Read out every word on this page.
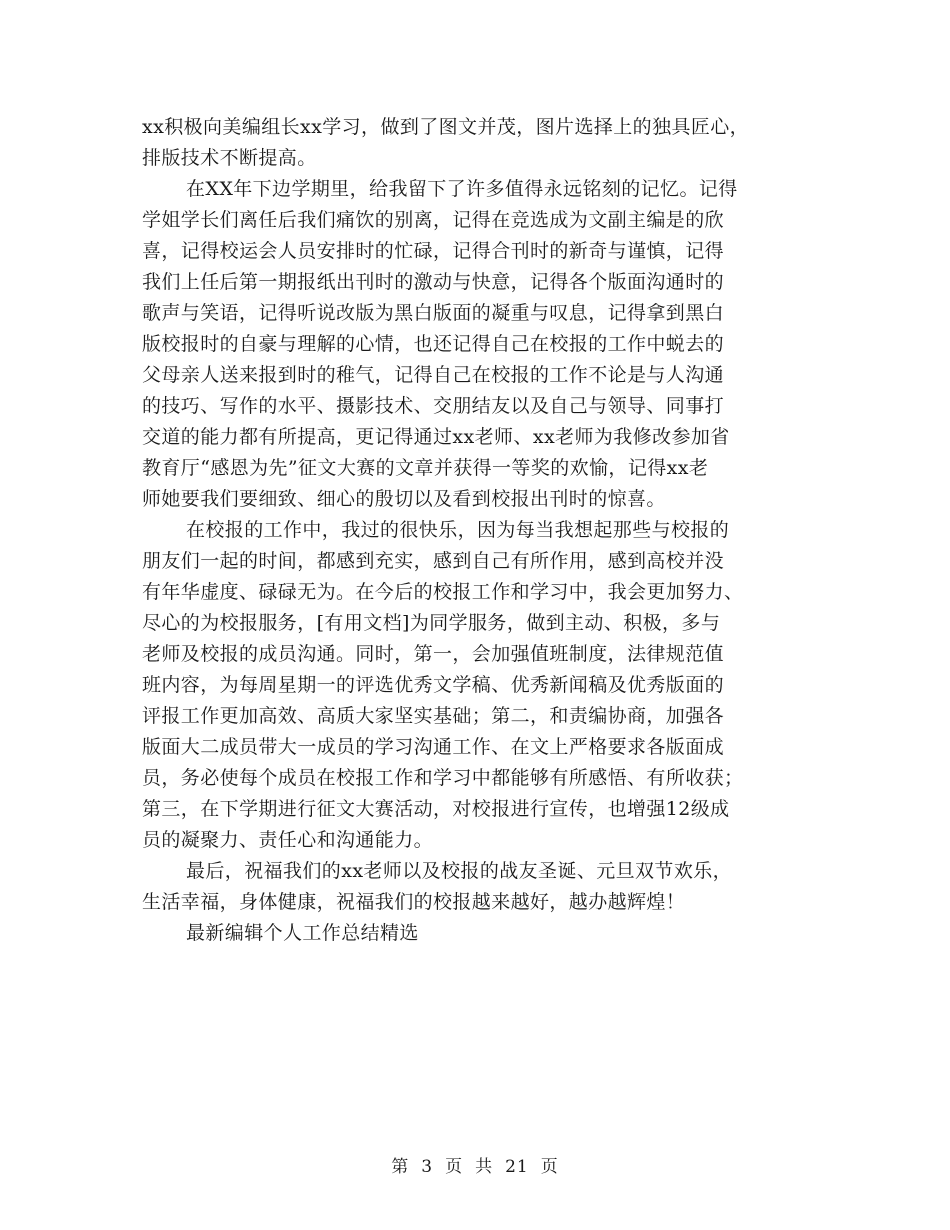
xx积极向美编组长xx学习，做到了图文并茂，图片选择上的独具匠心，

排版技术不断提高。

在XX年下边学期里，给我留下了许多值得永远铭刻的记忆。记得

学姐学长们离任后我们痛饮的别离，记得在竞选成为文副主编是的欣

喜，记得校运会人员安排时的忙碌，记得合刊时的新奇与谨慎，记得

我们上任后第一期报纸出刊时的激动与快意，记得各个版面沟通时的

歌声与笑语，记得听说改版为黑白版面的凝重与叹息，记得拿到黑白

版校报时的自豪与理解的心情，也还记得自己在校报的工作中蜕去的

父母亲人送来报到时的稚气，记得自己在校报的工作不论是与人沟通

的技巧、写作的水平、摄影技术、交朋结友以及自己与领导、同事打

交道的能力都有所提高，更记得通过xx老师、xx老师为我修改参加省

教育厅“感恩为先”征文大赛的文章并获得一等奖的欢愉，记得xx老

师她要我们要细致、细心的殷切以及看到校报出刊时的惊喜。

在校报的工作中，我过的很快乐，因为每当我想起那些与校报的

朋友们一起的时间，都感到充实，感到自己有所作用，感到高校并没

有年华虚度、碌碌无为。在今后的校报工作和学习中，我会更加努力、

尽心的为校报服务，[有用文档]为同学服务，做到主动、积极，多与

老师及校报的成员沟通。同时，第一，会加强值班制度，法律规范值

班内容，为每周星期一的评选优秀文学稿、优秀新闻稿及优秀版面的

评报工作更加高效、高质大家坚实基础；第二，和责编协商，加强各

版面大二成员带大一成员的学习沟通工作、在文上严格要求各版面成

员，务必使每个成员在校报工作和学习中都能够有所感悟、有所收获；

第三，在下学期进行征文大赛活动，对校报进行宣传，也增强12级成

员的凝聚力、责任心和沟通能力。

最后，祝福我们的xx老师以及校报的战友圣诞、元旦双节欢乐，

生活幸福，身体健康，祝福我们的校报越来越好，越办越辉煌！

最新编辑个人工作总结精选

第 3 页 共 21 页
